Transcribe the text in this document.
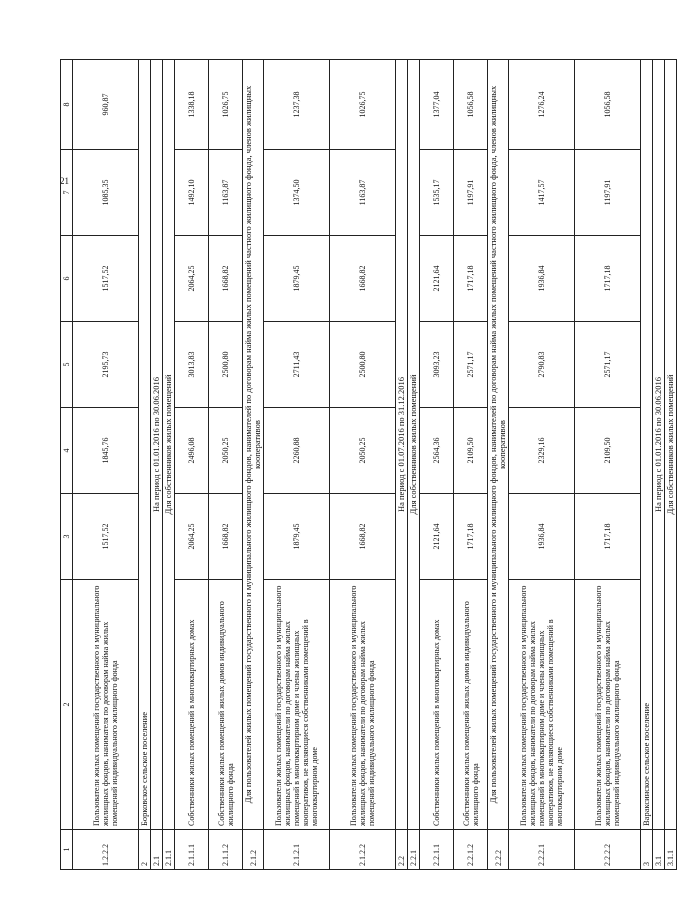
21
1	2	3	4	5	6	7	8
1.2.2.2	Пользователи жилых помещений государственного и муниципального жилищных фондов, нанимателя по договорам найма жилых помещений индивидуального жилищного фонда	1517,52	1845,76	2195,73	1517,52	1085,35	960,87
2	Борковское сельское поселение						
2.1	На период с 01.01.2016 по 30.06.2016						
2.1.1	Для собственников жилых помещений						
2.1.1.1	Собственники жилых помещений в многоквартирных домах	2064,25	2496,08	3013,83	2064,25	1492,10	1338,18
2.1.1.2	Собственники жилых помещений жилых домов индивидуального жилищного фонда	1668,82	2050,25	2500,80	1668,82	1163,87	1026,75
2.1.2	Для пользователей жилых помещений государственного и муниципального жилищного фондов, нанимателей по договорам найма жилых помещений частного жилищного фонда, членов жилищных кооперативов						
2.1.2.1	Пользователи жилых помещений государственного и муниципального жилищных фондов, наниматели по договорам найма жилых помещений в многоквартирном доме и члены жилищных кооперативов, не являющиеся собственниками помещений в многоквартирном доме	1879,45	2260,88	2711,43	1879,45	1374,50	1237,38
2.1.2.2	Пользователи жилых помещений государственного и муниципального жилищных фондов, наниматели по договорам найма жилых помещений индивидуального жилищного фонда	1668,82	2050,25	2500,80	1668,82	1163,87	1026,75
2.2	На период с 01.07.2016 по 31.12.2016						
2.2.1	Для собственников жилых помещений						
2.2.1.1	Собственники жилых помещений в многоквартирных домах	2121,64	2564,36	3093,23	2121,64	1535,17	1377,04
2.2.1.2	Собственники жилых помещений жилых домов индивидуального жилищного фонда	1717,18	2109,50	2571,17	1717,18	1197,91	1056,58
2.2.2	Для пользователей жилых помещений государственного и муниципального жилищного фондов, нанимателей по договорам найма жилых помещений частного жилищного фонда, членов жилищных кооперативов						
2.2.2.1	Пользователи жилых помещений государственного и муниципального жилищных фондов, наниматели по договорам найма жилых помещений в многоквартирном доме и члены жилищных кооперативов, не являющиеся собственниками помещений в многоквартирном доме	1936,84	2329,16	2790,83	1936,84	1417,57	1276,24
2.2.2.2	Пользователи жилых помещений государственного и муниципального жилищных фондов, наниматели по договорам найма жилых помещений индивидуального жилищного фонда	1717,18	2109,50	2571,17	1717,18	1197,91	1056,58
3	Вараксинское сельское поселение						
3.1	На период с 01.01.2016 по 30.06.2016						
3.1.1	Для собственников жилых помещений						
